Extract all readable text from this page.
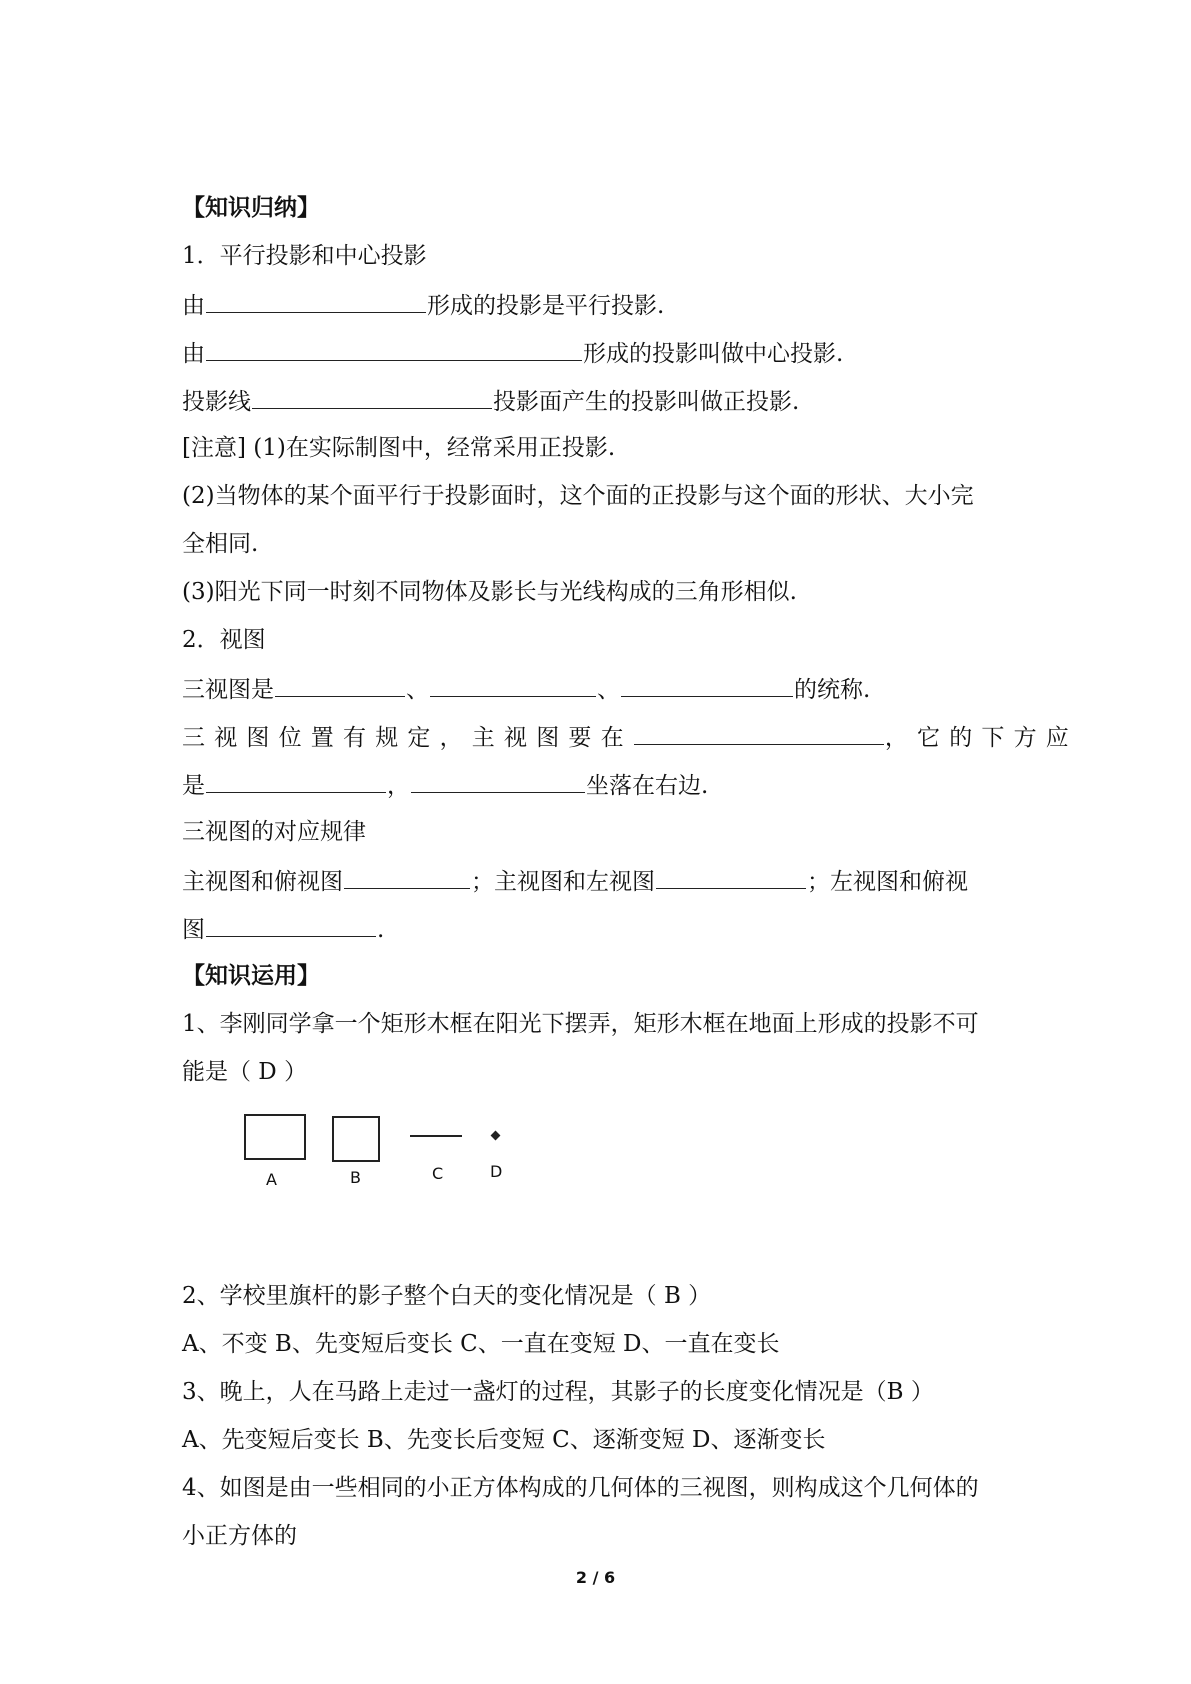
【知识归纳】
1．平行投影和中心投影
由	形成的投影是平行投影.
由	形成的投影叫做中心投影.
投影线	投影面产生的投影叫做正投影.
[注意] (1)在实际制图中，经常采用正投影.
(2)当物体的某个面平行于投影面时，这个面的正投影与这个面的形状、大小完
全相同.
(3)阳光下同一时刻不同物体及影长与光线构成的三角形相似.
2．视图
三视图是	、	、	的统称.
三视图位置有规定，主视图要在	，它的下方应
是	，	坐落在右边.
三视图的对应规律
主视图和俯视图	；主视图和左视图	；左视图和俯视
图	.
【知识运用】
1、李刚同学拿一个矩形木框在阳光下摆弄，矩形木框在地面上形成的投影不可
能是（ D ）
A	B	C	D
2、学校里旗杆的影子整个白天的变化情况是（ B ）
A、不变 B、先变短后变长 C、一直在变短 D、一直在变长
3、晚上，人在马路上走过一盏灯的过程，其影子的长度变化情况是（B ）
A、先变短后变长 B、先变长后变短 C、逐渐变短 D、逐渐变长
4、如图是由一些相同的小正方体构成的几何体的三视图，则构成这个几何体的
小正方体的
2 / 6
